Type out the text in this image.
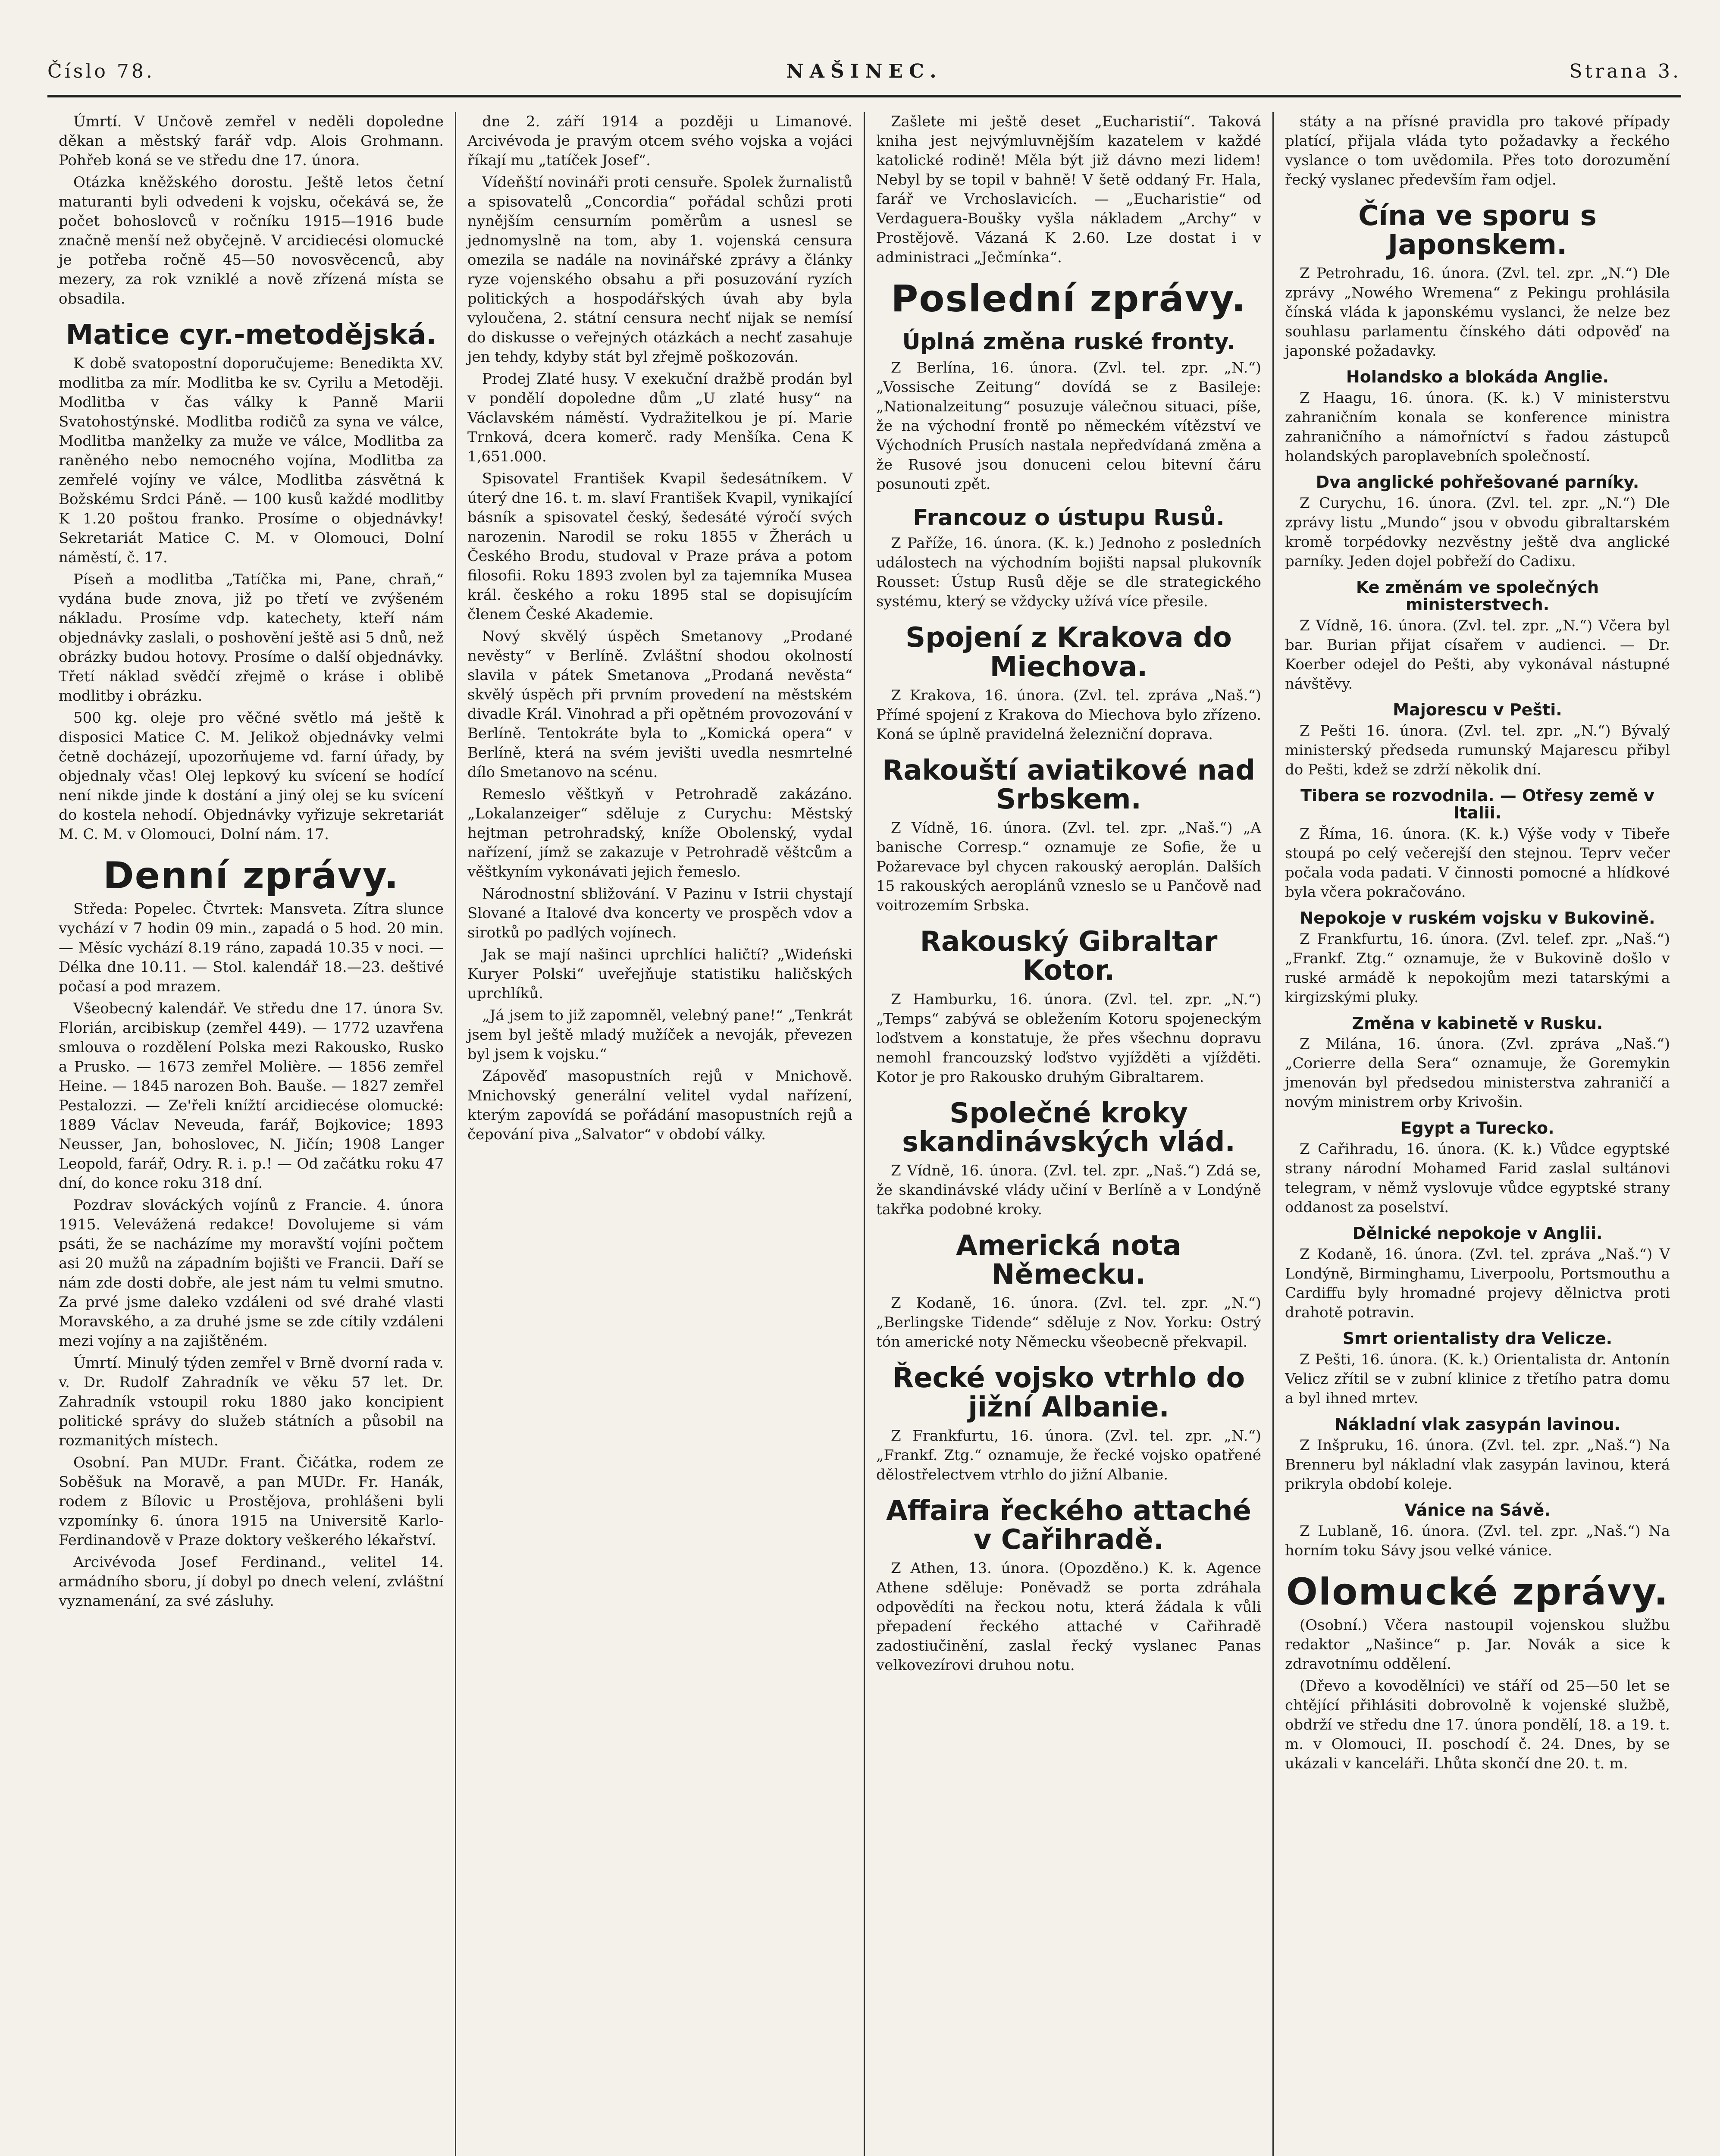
Číslo 78.	NAŠINEC.	Strana 3.

Úmrtí. V Unčově zemřel v neděli dopoledne děkan a městský farář vdp. Alois Grohmann. Pohřeb koná se ve středu dne 17. února.

Otázka kněžského dorostu. Ještě letos četní maturanti byli odvedeni k vojsku, očekává se, že počet bohoslovců v ročníku 1915—1916 bude značně menší než obyčejně. V arcidiecési olomucké je potřeba ročně 45—50 novosvěcenců, aby mezery, za rok vzniklé a nově zřízená místa se obsadila.

Matice cyr.-metodějská.

K době svatopostní doporučujeme: Benedikta XV. modlitba za mír. Modlitba ke sv. Cyrilu a Metoději. Modlitba v čas války k Panně Marii Svatohostýnské. Modlitba rodičů za syna ve válce, Modlitba manželky za muže ve válce, Modlitba za raněného nebo nemocného vojína, Modlitba za zemřelé vojíny ve válce, Modlitba zásvětná k Božskému Srdci Páně. — 100 kusů každé modlitby K 1.20 poštou franko. Prosíme o objednávky! Sekretariát Matice C. M. v Olomouci, Dolní náměstí, č. 17.

Píseň a modlitba „Tatíčka mi, Pane, chraň,“ vydána bude znova, již po třetí ve zvýšeném nákladu. Prosíme vdp. katechety, kteří nám objednávky zaslali, o poshovění ještě asi 5 dnů, než obrázky budou hotovy. Prosíme o další objednávky. Třetí náklad svědčí zřejmě o kráse i oblibě modlitby i obrázku.

500 kg. oleje pro věčné světlo má ještě k disposici Matice C. M. Jelikož objednávky velmi četně docházejí, upozorňujeme vd. farní úřady, by objednaly včas! Olej lepkový ku svícení se hodící není nikde jinde k dostání a jiný olej se ku svícení do kostela nehodí. Objednávky vyřizuje sekretariát M. C. M. v Olomouci, Dolní nám. 17.

Denní zprávy.

Středa: Popelec. Čtvrtek: Mansveta. Zítra slunce vychází v 7 hodin 09 min., zapadá o 5 hod. 20 min. — Měsíc vychází 8.19 ráno, zapadá 10.35 v noci. — Délka dne 10.11. — Stol. kalendář 18.—23. deštivé počasí a pod mrazem.

Všeobecný kalendář. Ve středu dne 17. února Sv. Florián, arcibiskup (zemřel 449). — 1772 uzavřena smlouva o rozdělení Polska mezi Rakousko, Rusko a Prusko. — 1673 zemřel Molière. — 1856 zemřel Heine. — 1845 narozen Boh. Bauše. — 1827 zemřel Pestalozzi. — Ze'řeli knížtí arcidiecése olomucké: 1889 Václav Neveuda, farář, Bojkovice; 1893 Neusser, Jan, bohoslovec, N. Jičín; 1908 Langer Leopold, farář, Odry. R. i. p.! — Od začátku roku 47 dní, do konce roku 318 dní.

Pozdrav slováckých vojínů z Francie. 4. února 1915. Velevážená redakce! Dovolujeme si vám psáti, že se nacházíme my moravští vojíni počtem asi 20 mužů na západním bojišti ve Francii. Daří se nám zde dosti dobře, ale jest nám tu velmi smutno. Za prvé jsme daleko vzdáleni od své drahé vlasti Moravského, a za druhé jsme se zde cítily vzdáleni mezi vojíny a na zajištěném.

Úmrtí. Minulý týden zemřel v Brně dvorní rada v. v. Dr. Rudolf Zahradník ve věku 57 let. Dr. Zahradník vstoupil roku 1880 jako koncipient politické správy do služeb státních a působil na rozmanitých místech.

Osobní. Pan MUDr. Frant. Čičátka, rodem ze Soběšuk na Moravě, a pan MUDr. Fr. Hanák, rodem z Bílovic u Prostějova, prohlášeni byli vzpomínky 6. února 1915 na Universitě Karlo-Ferdinandově v Praze doktory veškerého lékařství.

Arcivévoda Josef Ferdinand., velitel 14. armádního sboru, jí dobyl po dnech velení, zvláštní vyznamenání, za své zásluhy.

dne 2. září 1914 a později u Limanové. Arcivévoda je pravým otcem svého vojska a vojáci říkají mu „tatíček Josef“.

Vídeňští novináři proti censuře. Spolek žurnalistů a spisovatelů „Concordia“ pořádal schůzi proti nynějším censurním poměrům a usnesl se jednomyslně na tom, aby 1. vojenská censura omezila se nadále na novinářské zprávy a články ryze vojenského obsahu a při posuzování ryzích politických a hospodářských úvah aby byla vyloučena, 2. státní censura nechť nijak se nemísí do diskusse o veřejných otázkách a nechť zasahuje jen tehdy, kdyby stát byl zřejmě poškozován.

Prodej Zlaté husy. V exekuční dražbě prodán byl v pondělí dopoledne dům „U zlaté husy“ na Václavském náměstí. Vydražitelkou je pí. Marie Trnková, dcera komerč. rady Menšíka. Cena K 1,651.000.

Spisovatel František Kvapil šedesátníkem. V úterý dne 16. t. m. slaví František Kvapil, vynikající básník a spisovatel český, šedesáté výročí svých narozenin. Narodil se roku 1855 v Žherách u Českého Brodu, studoval v Praze práva a potom filosofii. Roku 1893 zvolen byl za tajemníka Musea král. českého a roku 1895 stal se dopisujícím členem České Akademie.

Nový skvělý úspěch Smetanovy „Prodané nevěsty“ v Berlíně. Zvláštní shodou okolností slavila v pátek Smetanova „Prodaná nevěsta“ skvělý úspěch při prvním provedení na městském divadle Král. Vinohrad a při opětném provozování v Berlíně. Tentokráte byla to „Komická opera“ v Berlíně, která na svém jevišti uvedla nesmrtelné dílo Smetanovo na scénu.

Remeslo věštkyň v Petrohradě zakázáno. „Lokalanzeiger“ sděluje z Curychu: Městský hejtman petrohradský, kníže Obolenský, vydal nařízení, jímž se zakazuje v Petrohradě věštcům a věštkyním vykonávati jejich řemeslo.

Národnostní sbližování. V Pazinu v Istrii chystají Slované a Italové dva koncerty ve prospěch vdov a sirotků po padlých vojínech.

Jak se mají našinci uprchlíci haličtí? „Wideński Kuryer Polski“ uveřejňuje statistiku haličských uprchlíků.

„Já jsem to již zapomněl, velebný pane!“ „Tenkrát jsem byl ještě mladý mužíček a nevoják, převezen byl jsem k vojsku.“

Zápověď masopustních rejů v Mnichově. Mnichovský generální velitel vydal nařízení, kterým zapovídá se pořádání masopustních rejů a čepování piva „Salvator“ v období války.

Zašlete mi ještě deset „Eucharistií“. Taková kniha jest nejvýmluvnějším kazatelem v každé katolické rodině! Měla být již dávno mezi lidem! Nebyl by se topil v bahně! V šetě oddaný Fr. Hala, farář ve Vrchoslavicích. — „Eucharistie“ od Verdaguera-Boušky vyšla nákladem „Archy“ v Prostějově. Vázaná K 2.60. Lze dostat i v administraci „Ječmínka“.

Poslední zprávy.
Úplná změna ruské fronty.

Z Berlína, 16. února. (Zvl. tel. zpr. „N.“) „Vossische Zeitung“ dovídá se z Basileje: „Nationalzeitung“ posuzuje válečnou situaci, píše, že na východní frontě po německém vítězství ve Východních Prusích nastala nepředvídaná změna a že Rusové jsou donuceni celou bitevní čáru posunouti zpět.

Francouz o ústupu Rusů.

Z Paříže, 16. února. (K. k.) Jednoho z posledních událostech na východním bojišti napsal plukovník Rousset: Ústup Rusů děje se dle strategického systému, který se vždycky užívá více přesile.

Spojení z Krakova do Miechova.

Z Krakova, 16. února. (Zvl. tel. zpráva „Naš.“) Přímé spojení z Krakova do Miechova bylo zřízeno. Koná se úplně pravidelná železniční doprava.

Rakouští aviatikové nad Srbskem.

Z Vídně, 16. února. (Zvl. tel. zpr. „Naš.“) „A banische Corresp.“ oznamuje ze Sofie, že u Požarevace byl chycen rakouský aeroplán. Dalších 15 rakouských aeroplánů vzneslo se u Pančově nad voitrozemím Srbska.

Rakouský Gibraltar Kotor.

Z Hamburku, 16. února. (Zvl. tel. zpr. „N.“) „Temps“ zabývá se obležením Kotoru spojeneckým loďstvem a konstatuje, že přes všechnu dopravu nemohl francouzský loďstvo vyjížděti a vjížděti. Kotor je pro Rakousko druhým Gibraltarem.

Společné kroky skandinávských vlád.

Z Vídně, 16. února. (Zvl. tel. zpr. „Naš.“) Zdá se, že skandinávské vlády učiní v Berlíně a v Londýně takřka podobné kroky.

Americká nota Německu.

Z Kodaně, 16. února. (Zvl. tel. zpr. „N.“) „Berlingske Tidende“ sděluje z Nov. Yorku: Ostrý tón americké noty Německu všeobecně překvapil.

Řecké vojsko vtrhlo do jižní Albanie.

Z Frankfurtu, 16. února. (Zvl. tel. zpr. „N.“) „Frankf. Ztg.“ oznamuje, že řecké vojsko opatřené dělostřelectvem vtrhlo do jižní Albanie.

Affaira řeckého attaché v Cařihradě.

Z Athen, 13. února. (Opozděno.) K. k. Agence Athene sděluje: Poněvadž se porta zdráhala odpovědíti na řeckou notu, která žádala k vůli přepadení řeckého attaché v Cařihradě zadostiučinění, zaslal řecký vyslanec Panas velkovezírovi druhou notu.

státy a na přísné pravidla pro takové případy platící, přijala vláda tyto požadavky a řeckého vyslance o tom uvědomila. Přes toto dorozumění řecký vyslanec především řam odjel.

Čína ve sporu s Japonskem.

Z Petrohradu, 16. února. (Zvl. tel. zpr. „N.“) Dle zprávy „Nowého Wremena“ z Pekingu prohlásila čínská vláda k japonskému vyslanci, že nelze bez souhlasu parlamentu čínského dáti odpověď na japonské požadavky.

Holandsko a blokáda Anglie.

Z Haagu, 16. února. (K. k.) V ministerstvu zahraničním konala se konference ministra zahraničního a námořníctví s řadou zástupců holandských paroplavebních společností.

Dva anglické pohřešované parníky.

Z Curychu, 16. února. (Zvl. tel. zpr. „N.“) Dle zprávy listu „Mundo“ jsou v obvodu gibraltarském kromě torpédovky nezvěstny ještě dva anglické parníky. Jeden dojel pobřeží do Cadixu.

Ke změnám ve společných ministerstvech.

Z Vídně, 16. února. (Zvl. tel. zpr. „N.“) Včera byl bar. Burian přijat císařem v audienci. — Dr. Koerber odejel do Pešti, aby vykonával nástupné návštěvy.

Majorescu v Pešti.

Z Pešti 16. února. (Zvl. tel. zpr. „N.“) Bývalý ministerský předseda rumunský Majarescu přibyl do Pešti, kdež se zdrží několik dní.

Tibera se rozvodnila. — Otřesy země v Italii.

Z Říma, 16. února. (K. k.) Výše vody v Tibeře stoupá po celý večerejší den stejnou. Teprv večer počala voda padati. V činnosti pomocné a hlídkové byla včera pokračováno.

Nepokoje v ruském vojsku v Bukovině.

Z Frankfurtu, 16. února. (Zvl. telef. zpr. „Naš.“) „Frankf. Ztg.“ oznamuje, že v Bukovině došlo v ruské armádě k nepokojům mezi tatarskými a kirgizskými pluky.

Změna v kabinetě v Rusku.

Z Milána, 16. února. (Zvl. zpráva „Naš.“) „Corierre della Sera“ oznamuje, že Goremykin jmenován byl předsedou ministerstva zahraničí a novým ministrem orby Krivošin.

Egypt a Turecko.

Z Cařihradu, 16. února. (K. k.) Vůdce egyptské strany národní Mohamed Farid zaslal sultánovi telegram, v němž vyslovuje vůdce egyptské strany oddanost za poselství.

Dělnické nepokoje v Anglii.

Z Kodaně, 16. února. (Zvl. tel. zpráva „Naš.“) V Londýně, Birminghamu, Liverpoolu, Portsmouthu a Cardiffu byly hromadné projevy dělnictva proti drahotě potravin.

Smrt orientalisty dra Velicze.

Z Pešti, 16. února. (K. k.) Orientalista dr. Antonín Velicz zřítil se v zubní klinice z třetího patra domu a byl ihned mrtev.

Nákladní vlak zasypán lavinou.

Z Inšpruku, 16. února. (Zvl. tel. zpr. „Naš.“) Na Brenneru byl nákladní vlak zasypán lavinou, která prikryla období koleje.

Vánice na Sávě.

Z Lublaně, 16. února. (Zvl. tel. zpr. „Naš.“) Na horním toku Sávy jsou velké vánice.

Olomucké zprávy.

(Osobní.) Včera nastoupil vojenskou službu redaktor „Našince“ p. Jar. Novák a sice k zdravotnímu oddělení.

(Dřevo a kovodělníci) ve stáří od 25—50 let se chtějící přihlásiti dobrovolně k vojenské službě, obdrží ve středu dne 17. února pondělí, 18. a 19. t. m. v Olomouci, II. poschodí č. 24. Dnes, by se ukázali v kanceláři. Lhůta skončí dne 20. t. m.
